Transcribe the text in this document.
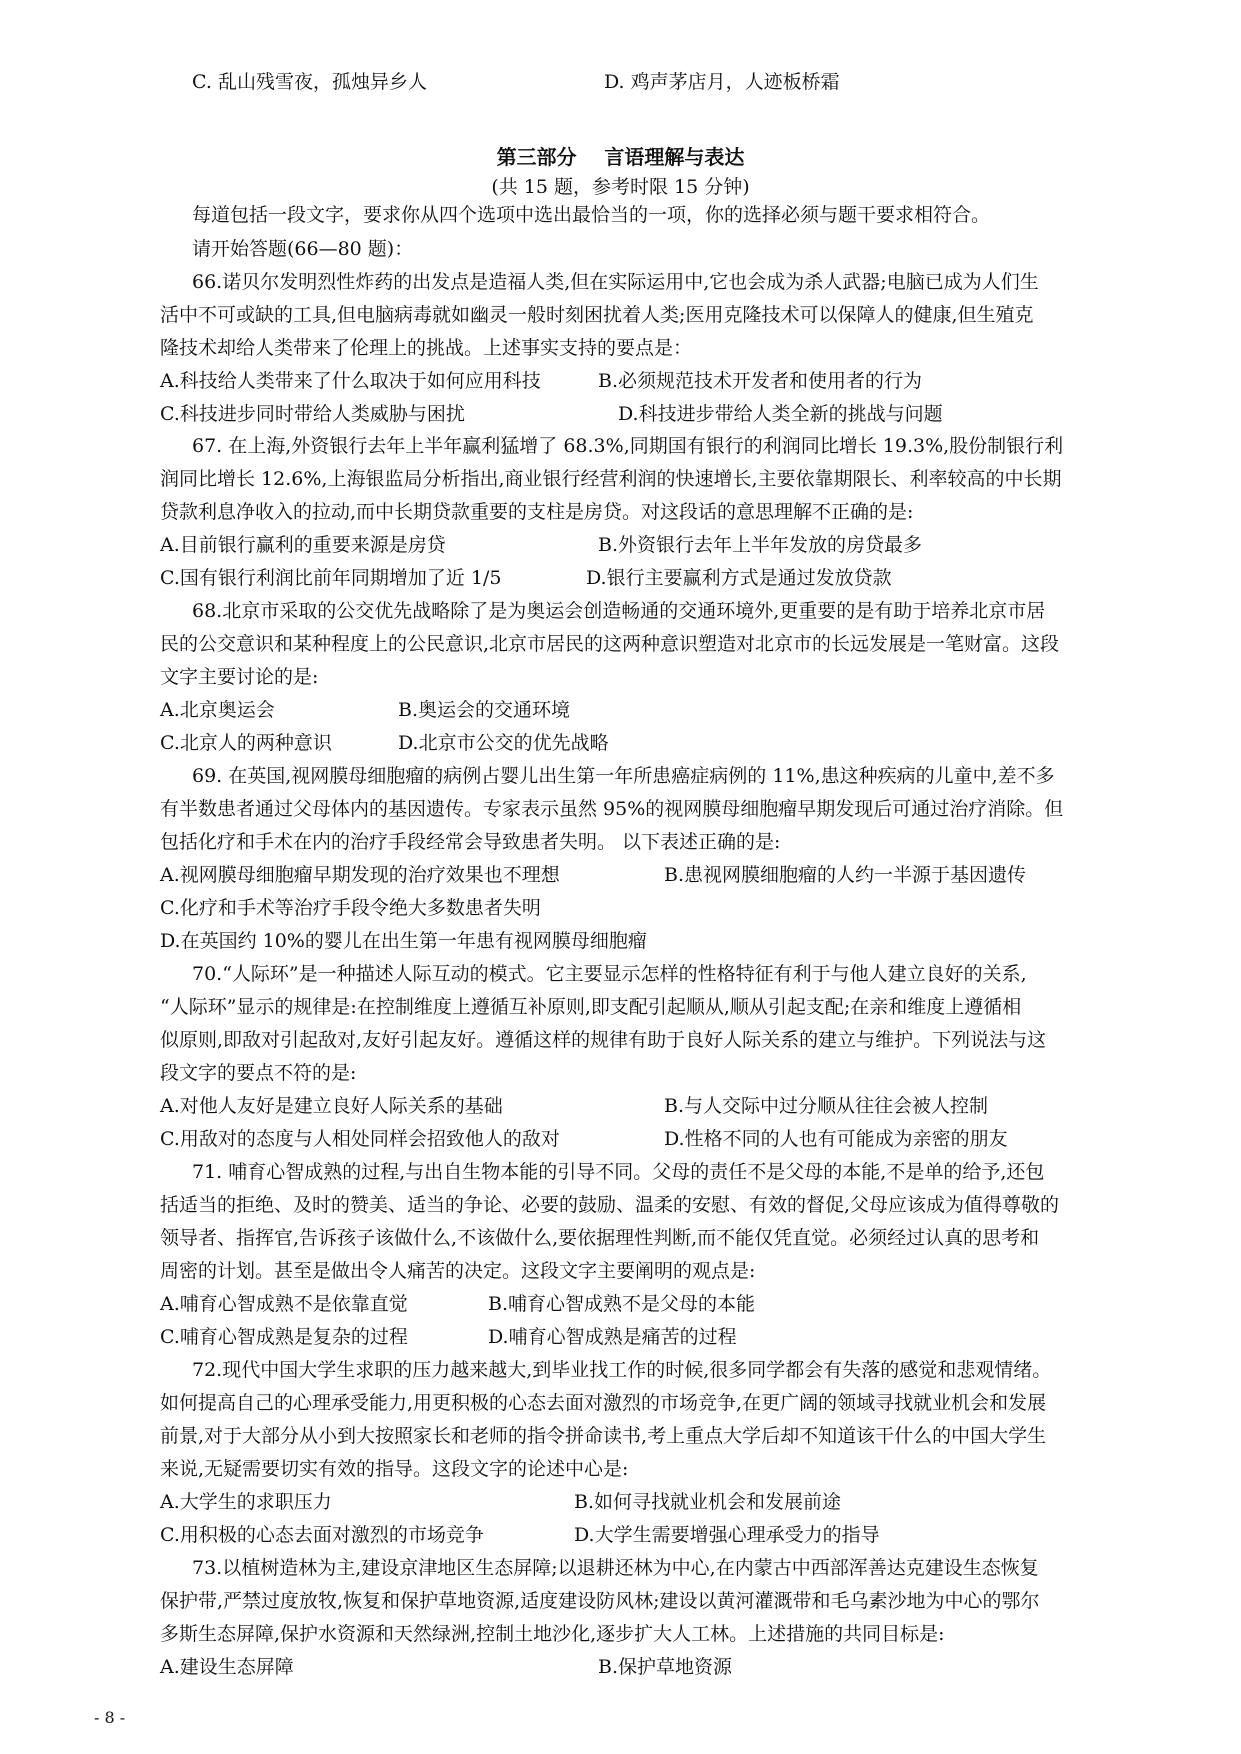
C. 乱山残雪夜，孤烛异乡人	D. 鸡声茅店月，人迹板桥霜
第三部分    言语理解与表达
(共 15 题，参考时限 15 分钟)
每道包括一段文字，要求你从四个选项中选出最恰当的一项，你的选择必须与题干要求相符合。
请开始答题(66—80 题)：
66.诺贝尔发明烈性炸药的出发点是造福人类,但在实际运用中,它也会成为杀人武器;电脑已成为人们生
活中不可或缺的工具,但电脑病毒就如幽灵一般时刻困扰着人类;医用克隆技术可以保障人的健康,但生殖克
隆技术却给人类带来了伦理上的挑战。上述事实支持的要点是：
A.科技给人类带来了什么取决于如何应用科技	B.必须规范技术开发者和使用者的行为
C.科技进步同时带给人类威胁与困扰	D.科技进步带给人类全新的挑战与问题
67. 在上海,外资银行去年上半年赢利猛增了 68.3%,同期国有银行的利润同比增长 19.3%,股份制银行利
润同比增长 12.6%,上海银监局分析指出,商业银行经营利润的快速增长,主要依靠期限长、利率较高的中长期
贷款利息净收入的拉动,而中长期贷款重要的支柱是房贷。对这段话的意思理解不正确的是:
A.目前银行赢利的重要来源是房贷	B.外资银行去年上半年发放的房贷最多
C.国有银行利润比前年同期增加了近 1/5	D.银行主要赢利方式是通过发放贷款
68.北京市采取的公交优先战略除了是为奥运会创造畅通的交通环境外,更重要的是有助于培养北京市居
民的公交意识和某种程度上的公民意识,北京市居民的这两种意识塑造对北京市的长远发展是一笔财富。这段
文字主要讨论的是:
A.北京奥运会	B.奥运会的交通环境
C.北京人的两种意识	D.北京市公交的优先战略
69. 在英国,视网膜母细胞瘤的病例占婴儿出生第一年所患癌症病例的 11%,患这种疾病的儿童中,差不多
有半数患者通过父母体内的基因遗传。专家表示虽然 95%的视网膜母细胞瘤早期发现后可通过治疗消除。但
包括化疗和手术在内的治疗手段经常会导致患者失明。 以下表述正确的是:
A.视网膜母细胞瘤早期发现的治疗效果也不理想	B.患视网膜细胞瘤的人约一半源于基因遗传
C.化疗和手术等治疗手段令绝大多数患者失明
D.在英国约 10%的婴儿在出生第一年患有视网膜母细胞瘤
70.“人际环”是一种描述人际互动的模式。它主要显示怎样的性格特征有利于与他人建立良好的关系,
“人际环”显示的规律是:在控制维度上遵循互补原则,即支配引起顺从,顺从引起支配;在亲和维度上遵循相
似原则,即敌对引起敌对,友好引起友好。遵循这样的规律有助于良好人际关系的建立与维护。下列说法与这
段文字的要点不符的是:
A.对他人友好是建立良好人际关系的基础	B.与人交际中过分顺从往往会被人控制
C.用敌对的态度与人相处同样会招致他人的敌对	D.性格不同的人也有可能成为亲密的朋友
71. 哺育心智成熟的过程,与出自生物本能的引导不同。父母的责任不是父母的本能,不是单的给予,还包
括适当的拒绝、及时的赞美、适当的争论、必要的鼓励、温柔的安慰、有效的督促,父母应该成为值得尊敬的
领导者、指挥官,告诉孩子该做什么,不该做什么,要依据理性判断,而不能仅凭直觉。必须经过认真的思考和
周密的计划。甚至是做出令人痛苦的决定。这段文字主要阐明的观点是:
A.哺育心智成熟不是依靠直觉	B.哺育心智成熟不是父母的本能
C.哺育心智成熟是复杂的过程	D.哺育心智成熟是痛苦的过程
72.现代中国大学生求职的压力越来越大,到毕业找工作的时候,很多同学都会有失落的感觉和悲观情绪。
如何提高自己的心理承受能力,用更积极的心态去面对激烈的市场竞争,在更广阔的领域寻找就业机会和发展
前景,对于大部分从小到大按照家长和老师的指令拼命读书,考上重点大学后却不知道该干什么的中国大学生
来说,无疑需要切实有效的指导。这段文字的论述中心是:
A.大学生的求职压力	B.如何寻找就业机会和发展前途
C.用积极的心态去面对激烈的市场竞争	D.大学生需要增强心理承受力的指导
73.以植树造林为主,建设京津地区生态屏障;以退耕还林为中心,在内蒙古中西部浑善达克建设生态恢复
保护带,严禁过度放牧,恢复和保护草地资源,适度建设防风林;建设以黄河灌溉带和毛乌素沙地为中心的鄂尔
多斯生态屏障,保护水资源和天然绿洲,控制土地沙化,逐步扩大人工林。上述措施的共同目标是:
A.建设生态屏障	B.保护草地资源
- 8 -
